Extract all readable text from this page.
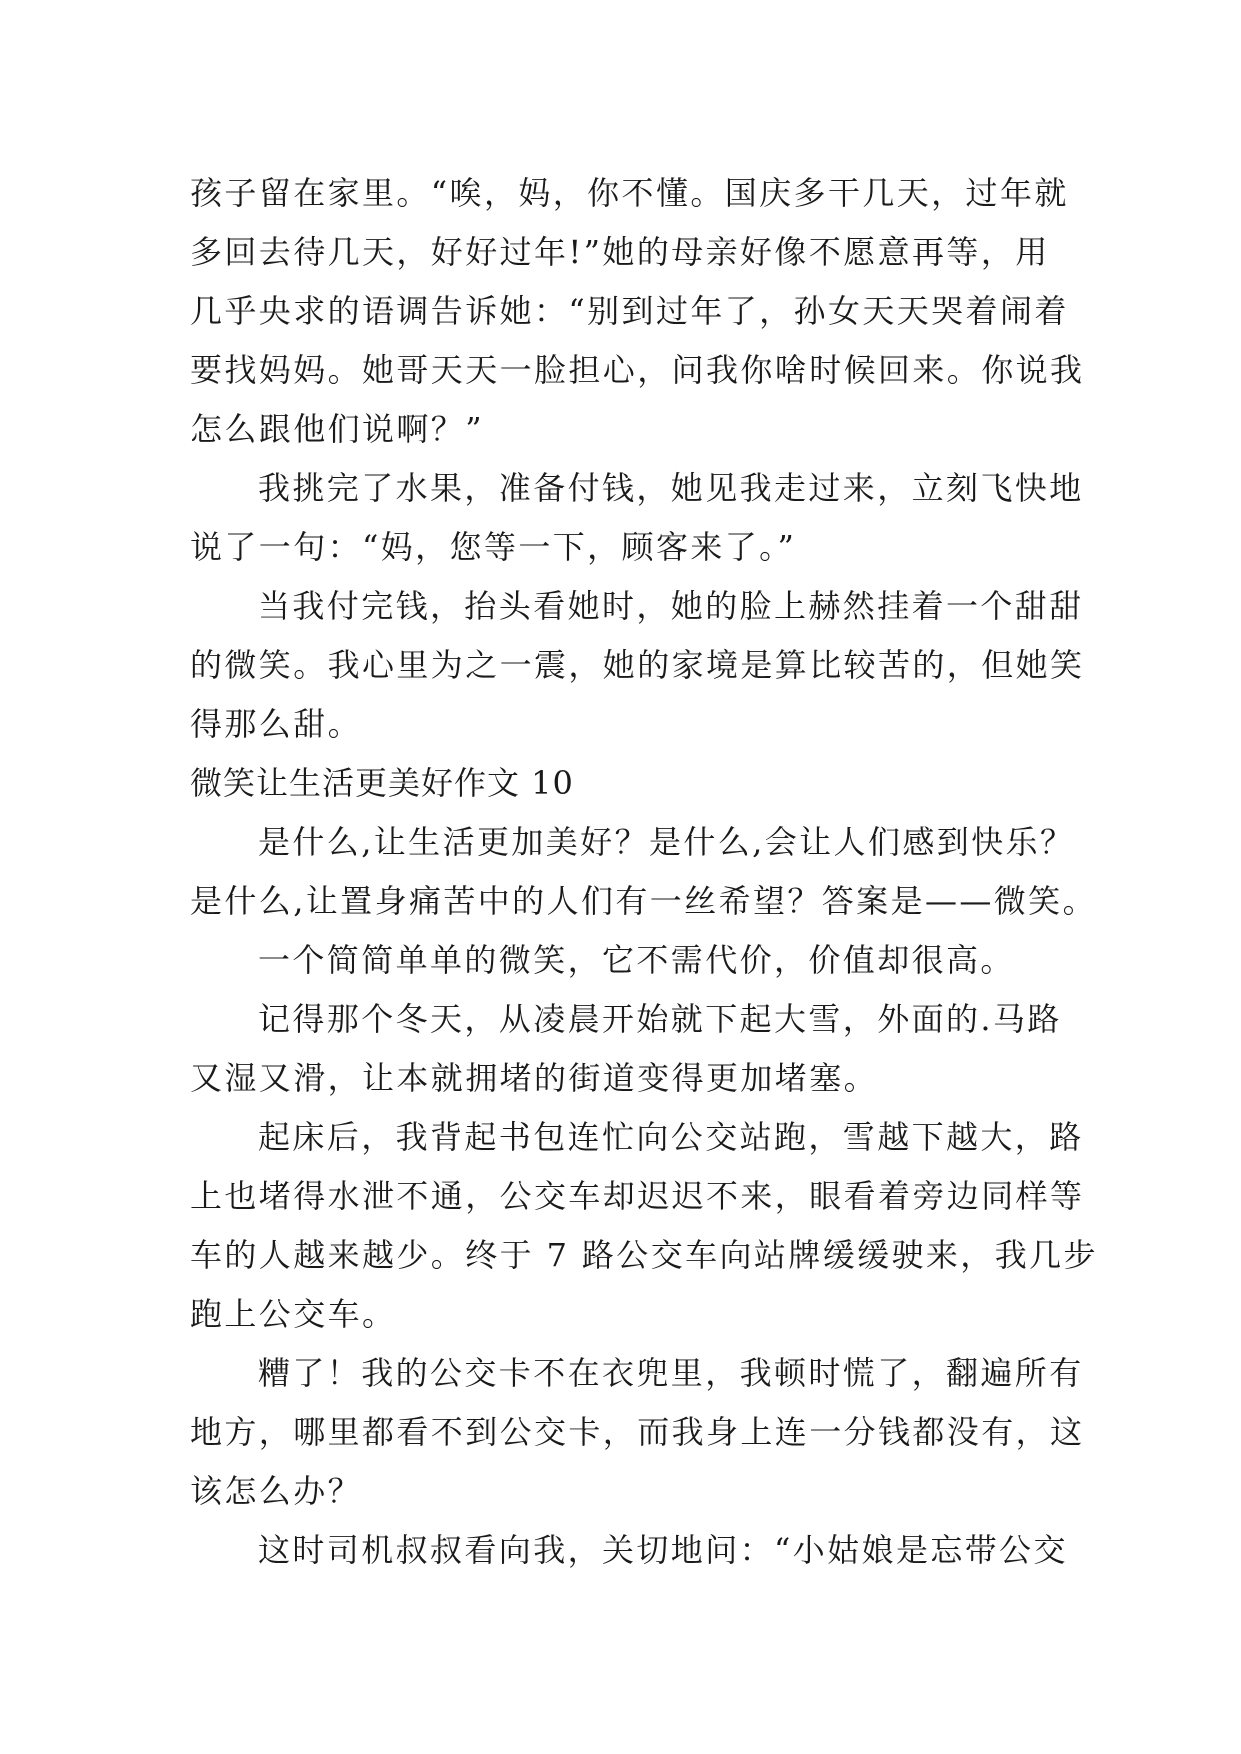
孩子留在家里。“唉，妈，你不懂。国庆多干几天，过年就
多回去待几天，好好过年!”她的母亲好像不愿意再等，用
几乎央求的语调告诉她：“别到过年了，孙女天天哭着闹着
要找妈妈。她哥天天一脸担心，问我你啥时候回来。你说我
怎么跟他们说啊？”
我挑完了水果，准备付钱，她见我走过来，立刻飞快地
说了一句：“妈，您等一下，顾客来了。”
当我付完钱，抬头看她时，她的脸上赫然挂着一个甜甜
的微笑。我心里为之一震，她的家境是算比较苦的，但她笑
得那么甜。
微笑让生活更美好作文 10
是什么,让生活更加美好？是什么,会让人们感到快乐？
是什么,让置身痛苦中的人们有一丝希望？答案是——微笑。
一个简简单单的微笑，它不需代价，价值却很高。
记得那个冬天，从凌晨开始就下起大雪，外面的.马路
又湿又滑，让本就拥堵的街道变得更加堵塞。
起床后，我背起书包连忙向公交站跑，雪越下越大，路
上也堵得水泄不通，公交车却迟迟不来，眼看着旁边同样等
车的人越来越少。终于 7 路公交车向站牌缓缓驶来，我几步
跑上公交车。
糟了！我的公交卡不在衣兜里，我顿时慌了，翻遍所有
地方，哪里都看不到公交卡，而我身上连一分钱都没有，这
该怎么办？
这时司机叔叔看向我，关切地问：“小姑娘是忘带公交
